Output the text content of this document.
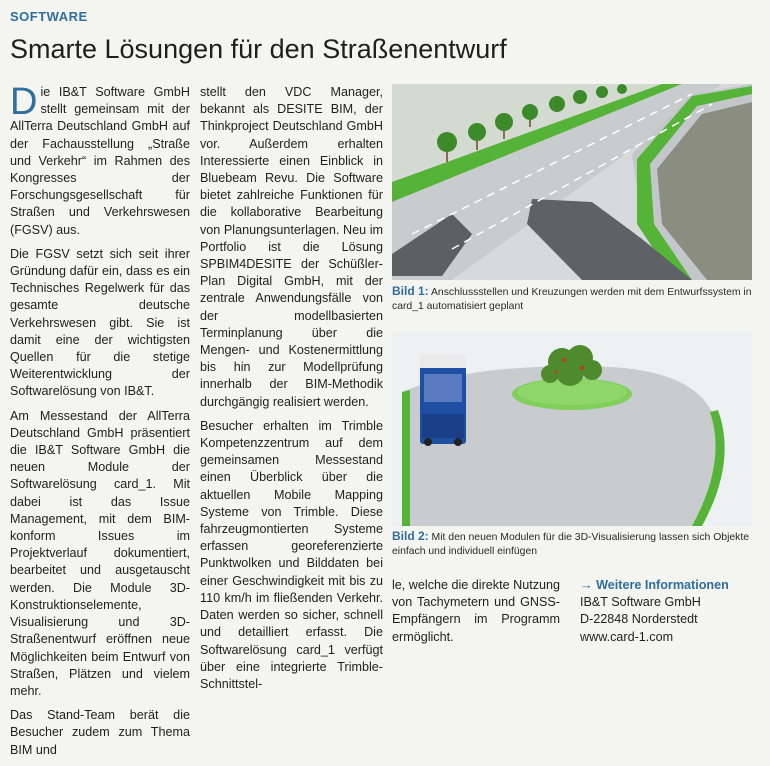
SOFTWARE
Smarte Lösungen für den Straßenentwurf

Die IB&T Software GmbH stellt gemeinsam mit der AllTerra Deutschland GmbH auf der Fachausstellung „Straße und Verkehr“ im Rahmen des Kongresses der Forschungsgesellschaft für Straßen und Verkehrswesen (FGSV) aus.

Die FGSV setzt sich seit ihrer Gründung dafür ein, dass es ein Technisches Regelwerk für das gesamte deutsche Verkehrswesen gibt. Sie ist damit eine der wichtigsten Quellen für die stetige Weiterentwicklung der Softwarelösung von IB&T.

Am Messestand der AllTerra Deutschland GmbH präsentiert die IB&T Software GmbH die neuen Module der Softwarelösung card_1. Mit dabei ist das Issue Management, mit dem BIM-konform Issues im Projektverlauf dokumentiert, bearbeitet und ausgetauscht werden. Die Module 3D-Konstruktionselemente, Visualisierung und 3D-Straßenentwurf eröffnen neue Möglichkeiten beim Entwurf von Straßen, Plätzen und vielem mehr.

Das Stand-Team berät die Besucher zudem zum Thema BIM und

stellt den VDC Manager, bekannt als DESITE BIM, der Thinkproject Deutschland GmbH vor. Außerdem erhalten Interessierte einen Einblick in Bluebeam Revu. Die Software bietet zahlreiche Funktionen für die kollaborative Bearbeitung von Planungsunterlagen. Neu im Portfolio ist die Lösung SPBIM4DESITE der Schüßler-Plan Digital GmbH, mit der zentrale Anwendungsfälle von der modellbasierten Terminplanung über die Mengen- und Kostenermittlung bis hin zur Modellprüfung innerhalb der BIM-Methodik durchgängig realisiert werden.

Besucher erhalten im Trimble Kompetenzzentrum auf dem gemeinsamen Messestand einen Überblick über die aktuellen Mobile Mapping Systeme von Trimble. Diese fahrzeugmontierten Systeme erfassen georeferenzierte Punktwolken und Bilddaten bei einer Geschwindigkeit mit bis zu 110 km/h im fließenden Verkehr. Daten werden so sicher, schnell und detailliert erfasst. Die Softwarelösung card_1 verfügt über eine integrierte Trimble-Schnittstel-

le, welche die direkte Nutzung von Tachymetern und GNSS-Empfängern im Programm ermöglicht.

Bild 1: Anschlussstellen und Kreuzungen werden mit dem Entwurfssystem in card_1 automatisiert geplant
Bild 2: Mit den neuen Modulen für die 3D-Visualisierung lassen sich Objekte einfach und individuell einfügen
→ Weitere Informationen
IB&T Software GmbH
D-22848 Norderstedt
www.card-1.com
